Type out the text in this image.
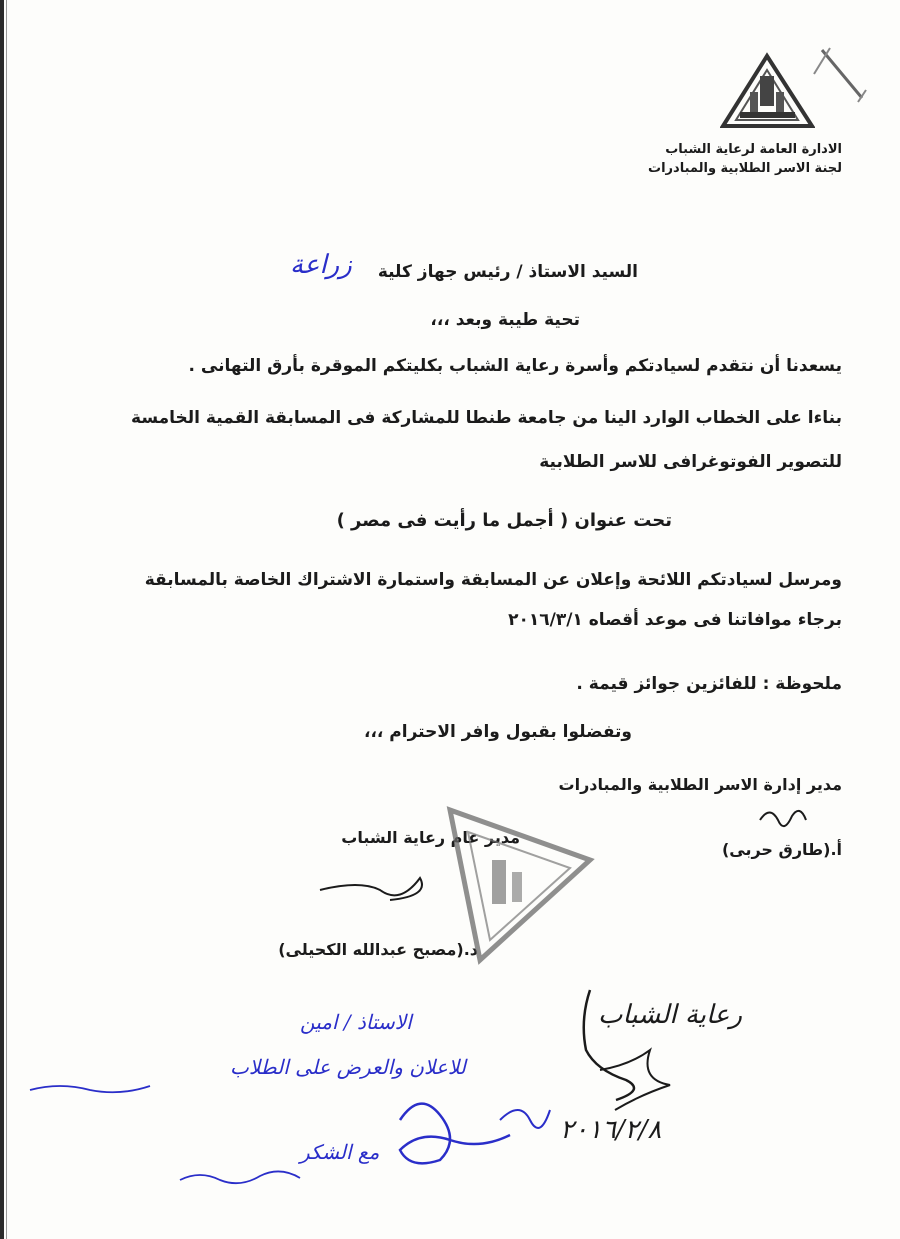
الادارة العامة لرعاية الشباب
لجنة الاسر الطلابية والمبادرات
السيد الاستاذ / رئيس جهاز كلية
زراعة
تحية طيبة وبعد ،،،
يسعدنا أن نتقدم لسيادتكم وأسرة رعاية الشباب بكليتكم الموقرة بأرق التهانى .
بناءا على الخطاب الوارد الينا من جامعة طنطا للمشاركة فى المسابقة القمية الخامسة
للتصوير الفوتوغرافى للاسر الطلابية
تحت عنوان ( أجمل ما رأيت فى مصر )
ومرسل لسيادتكم اللائحة وإعلان عن المسابقة واستمارة الاشتراك الخاصة بالمسابقة
برجاء موافاتنا فى موعد أقصاه ٢٠١٦/٣/١
ملحوظة : للفائزين جوائز قيمة .
وتفضلوا بقبول وافر الاحترام ،،،
مدير إدارة الاسر الطلابية والمبادرات
أ.(طارق حربى)
مدير عام رعاية الشباب
د.(مصبح عبدالله الكحيلى)
رعاية الشباب
الاستاذ / امين
للاعلان والعرض على الطلاب
مع الشكر
٢٠١٦/٢/٨
